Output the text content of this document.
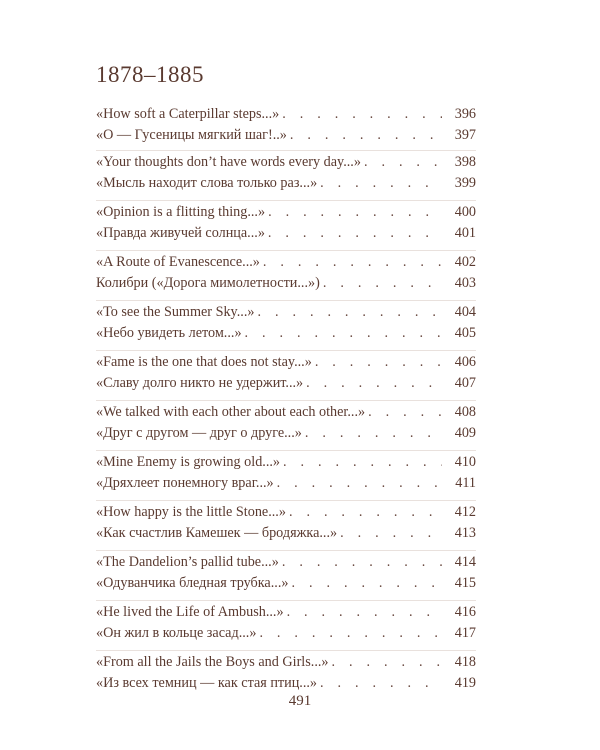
1878–1885
«How soft a Caterpillar steps...» . . .	396
«О — Гусеницы мягкий шаг!..» . . .	397
«Your thoughts don’t have words every day...» . . .	398
«Мысль находит слова только раз...» . . .	399
«Opinion is a flitting thing...» . . .	400
«Правда живучей солнца...» . . .	401
«A Route of Evanescence...» . . .	402
Колибри («Дорога мимолетности...») . . .	403
«To see the Summer Sky...» . . .	404
«Небо увидеть летом...» . . .	405
«Fame is the one that does not stay...» . . .	406
«Славу долго никто не удержит...» . . .	407
«We talked with each other about each other...» . . .	408
«Друг с другом — друг о друге...» . . .	409
«Mine Enemy is growing old...» . . .	410
«Дряхлеет понемногу враг...» . . .	411
«How happy is the little Stone...» . . .	412
«Как счастлив Камешек — бродяжка...» . . .	413
«The Dandelion’s pallid tube...» . . .	414
«Одуванчика бледная трубка...» . . .	415
«He lived the Life of Ambush...» . . .	416
«Он жил в кольце засад...» . . .	417
«From all the Jails the Boys and Girls...» . . .	418
«Из всех темниц — как стая птиц...» . . .	419
491
